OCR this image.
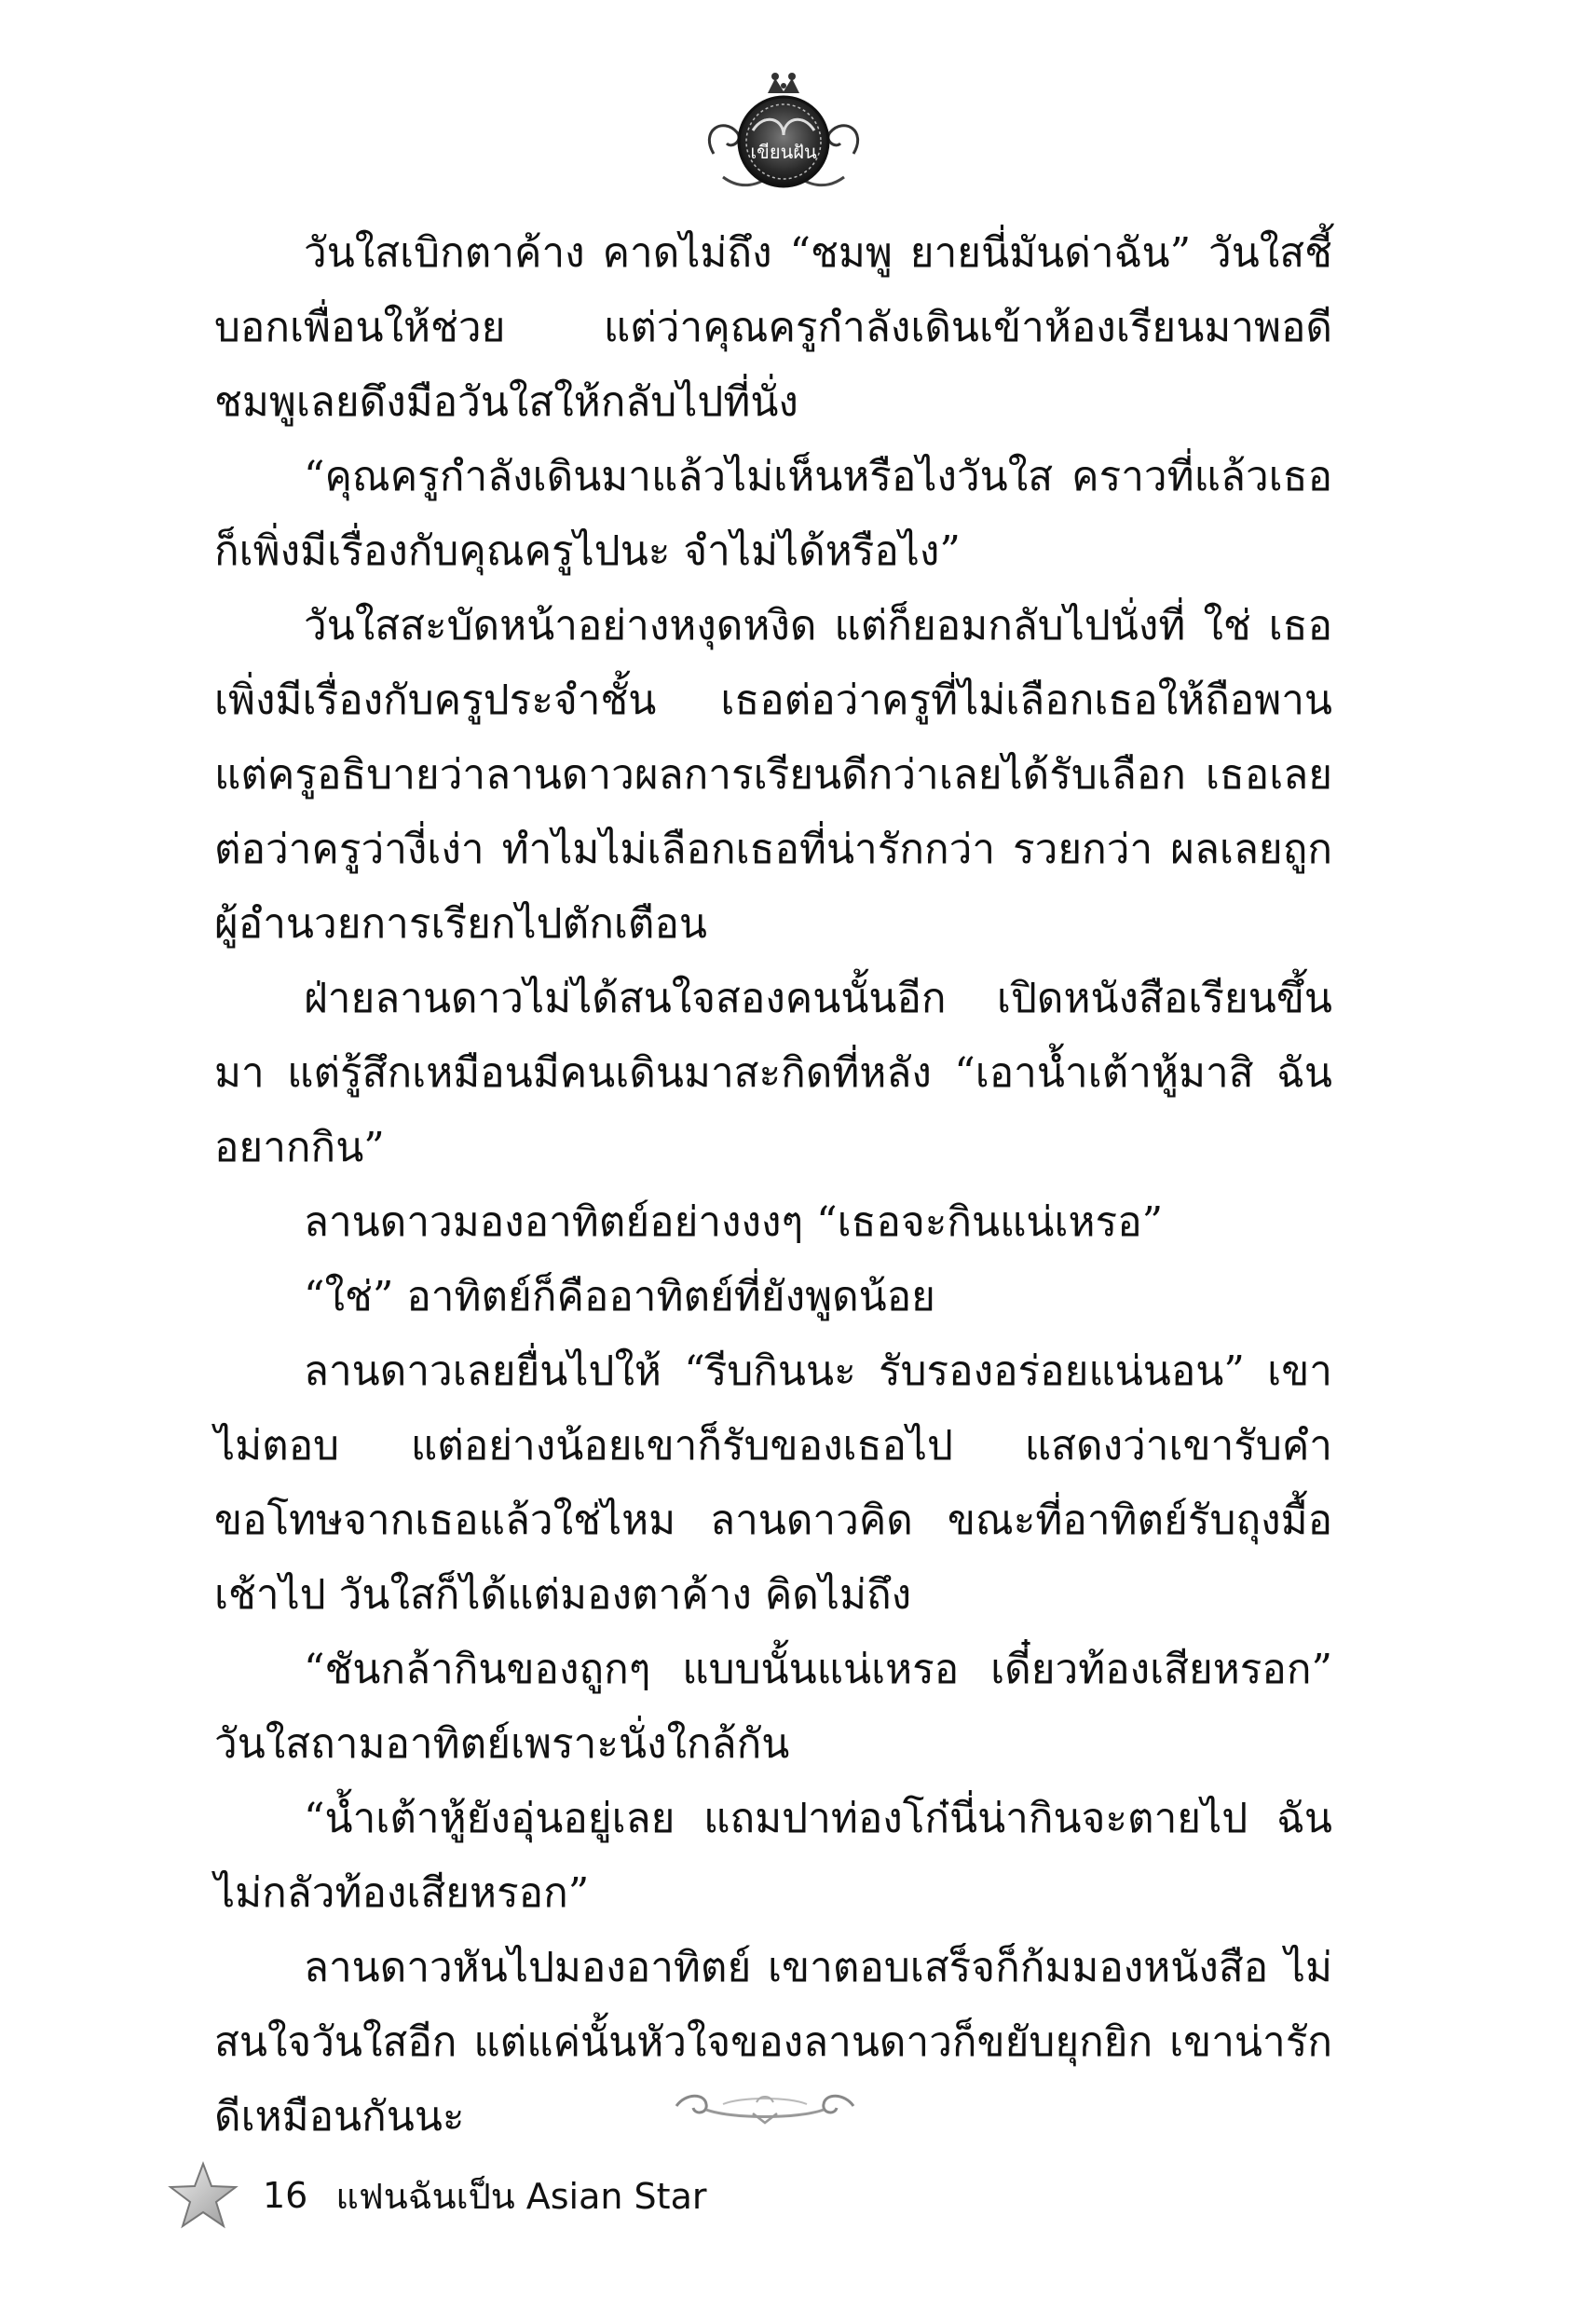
เขียนฝัน

วันใสเบิกตาค้าง คาดไม่ถึง “ชมพู ยายนี่มันด่าฉัน” วันใสชี้บอกเพื่อนให้ช่วย แต่ว่าคุณครูกำลังเดินเข้าห้องเรียนมาพอดี ชมพูเลยดึงมือวันใสให้กลับไปที่นั่ง

“คุณครูกำลังเดินมาแล้วไม่เห็นหรือไงวันใส คราวที่แล้วเธอก็เพิ่งมีเรื่องกับคุณครูไปนะ จำไม่ได้หรือไง”

วันใสสะบัดหน้าอย่างหงุดหงิด แต่ก็ยอมกลับไปนั่งที่ ใช่ เธอเพิ่งมีเรื่องกับครูประจำชั้น เธอต่อว่าครูที่ไม่เลือกเธอให้ถือพาน แต่ครูอธิบายว่าลานดาวผลการเรียนดีกว่าเลยได้รับเลือก เธอเลยต่อว่าครูว่างี่เง่า ทำไมไม่เลือกเธอที่น่ารักกว่า รวยกว่า ผลเลยถูกผู้อำนวยการเรียกไปตักเตือน

ฝ่ายลานดาวไม่ได้สนใจสองคนนั้นอีก เปิดหนังสือเรียนขึ้นมา แต่รู้สึกเหมือนมีคนเดินมาสะกิดที่หลัง “เอาน้ำเต้าหู้มาสิ ฉันอยากกิน”

ลานดาวมองอาทิตย์อย่างงงๆ “เธอจะกินแน่เหรอ”

“ใช่” อาทิตย์ก็คืออาทิตย์ที่ยังพูดน้อย

ลานดาวเลยยื่นไปให้ “รีบกินนะ รับรองอร่อยแน่นอน” เขาไม่ตอบ แต่อย่างน้อยเขาก็รับของเธอไป แสดงว่าเขารับคำขอโทษจากเธอแล้วใช่ไหม ลานดาวคิด ขณะที่อาทิตย์รับถุงมื้อเช้าไป วันใสก็ได้แต่มองตาค้าง คิดไม่ถึง

“ชันกล้ากินของถูกๆ แบบนั้นแน่เหรอ เดี๋ยวท้องเสียหรอก” วันใสถามอาทิตย์เพราะนั่งใกล้กัน

“น้ำเต้าหู้ยังอุ่นอยู่เลย แถมปาท่องโก๋นี่น่ากินจะตายไป ฉันไม่กลัวท้องเสียหรอก”

ลานดาวหันไปมองอาทิตย์ เขาตอบเสร็จก็ก้มมองหนังสือ ไม่สนใจวันใสอีก แต่แค่นั้นหัวใจของลานดาวก็ขยับยุกยิก เขาน่ารักดีเหมือนกันนะ

16 แฟนฉันเป็น Asian Star
